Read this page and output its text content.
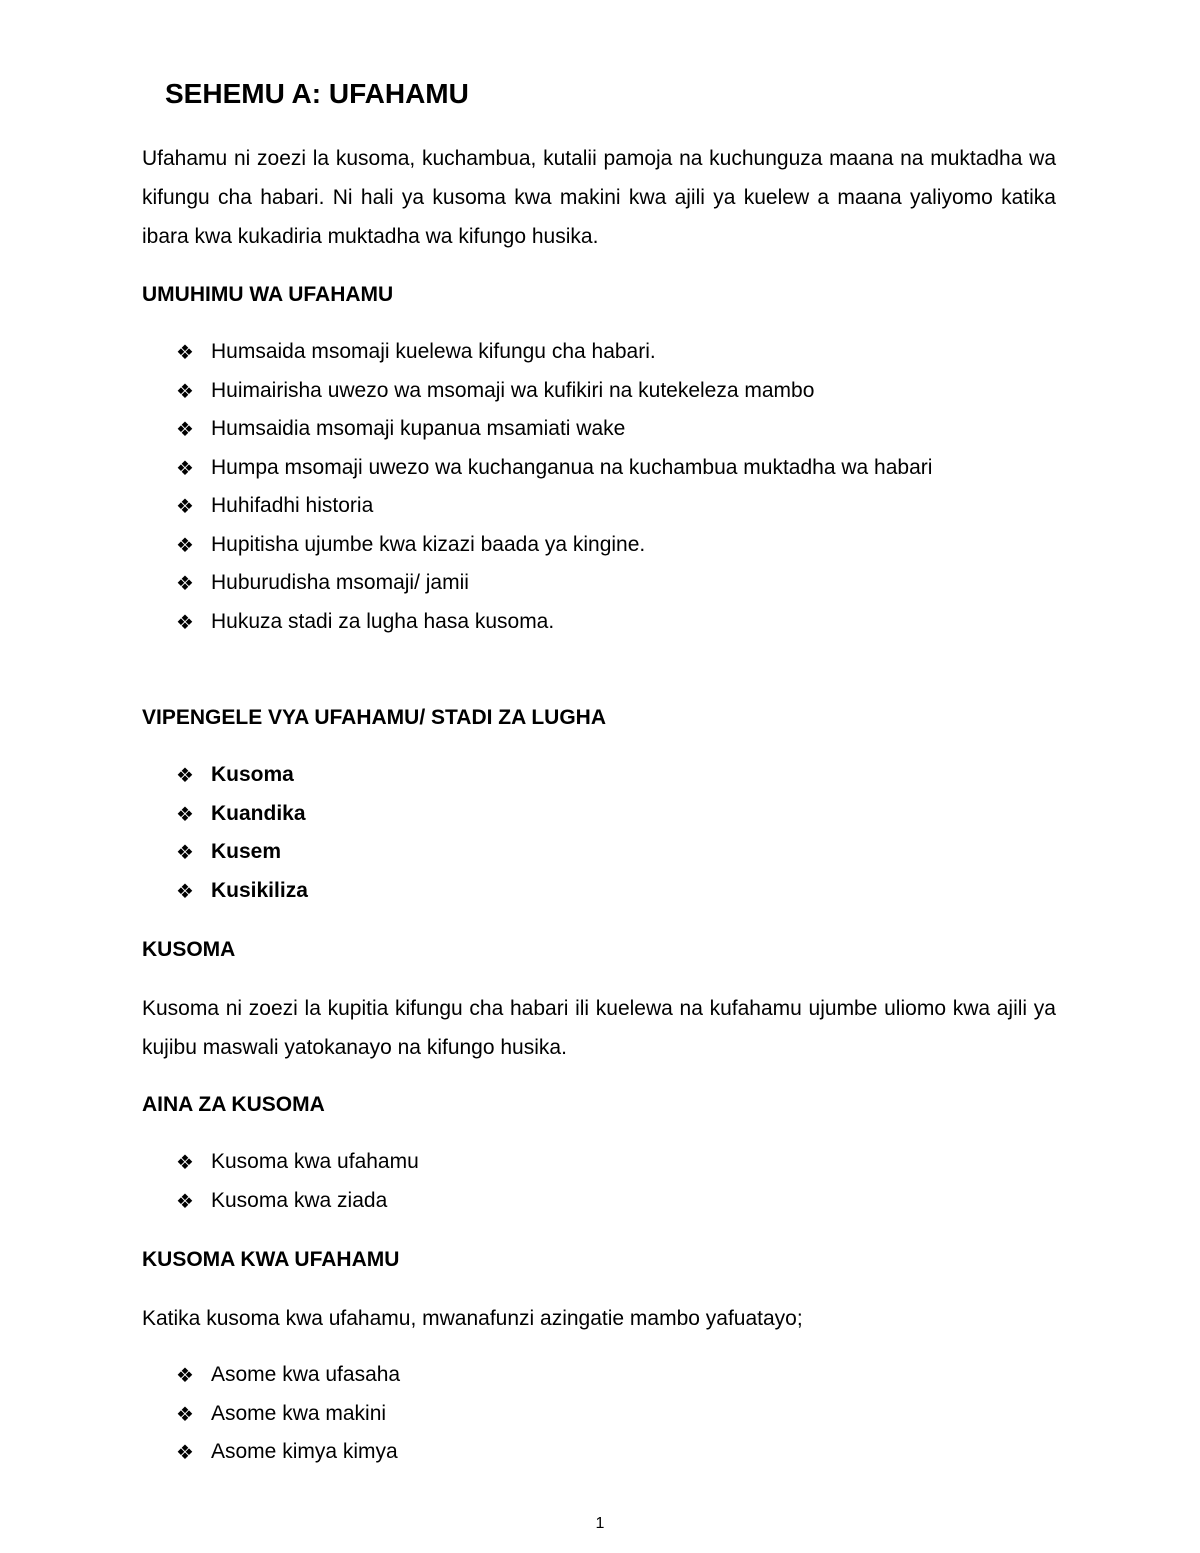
SEHEMU A: UFAHAMU

Ufahamu ni zoezi la kusoma, kuchambua, kutalii pamoja na kuchunguza maana na muktadha wa kifungu cha habari. Ni hali ya kusoma kwa makini kwa ajili ya kuelew a maana yaliyomo katika ibara kwa kukadiria muktadha wa kifungo husika.

UMUHIMU WA UFAHAMU
❖ Humsaida msomaji kuelewa kifungu cha habari.
❖ Huimairisha uwezo wa msomaji wa kufikiri na kutekeleza mambo
❖ Humsaidia msomaji kupanua msamiati wake
❖ Humpa msomaji uwezo wa kuchanganua na kuchambua muktadha wa habari
❖ Huhifadhi historia
❖ Hupitisha ujumbe kwa kizazi baada ya kingine.
❖ Huburudisha msomaji/ jamii
❖ Hukuza stadi za lugha hasa kusoma.
VIPENGELE VYA UFAHAMU/ STADI ZA LUGHA
❖ Kusoma
❖ Kuandika
❖ Kusem
❖ Kusikiliza
KUSOMA

Kusoma ni zoezi la kupitia kifungu cha habari ili kuelewa na kufahamu ujumbe uliomo kwa ajili ya kujibu maswali yatokanayo na kifungo husika.

AINA ZA KUSOMA
❖ Kusoma kwa ufahamu
❖ Kusoma kwa ziada
KUSOMA KWA UFAHAMU

Katika kusoma kwa ufahamu, mwanafunzi azingatie mambo yafuatayo;

❖ Asome kwa ufasaha
❖ Asome kwa makini
❖ Asome kimya kimya

1
